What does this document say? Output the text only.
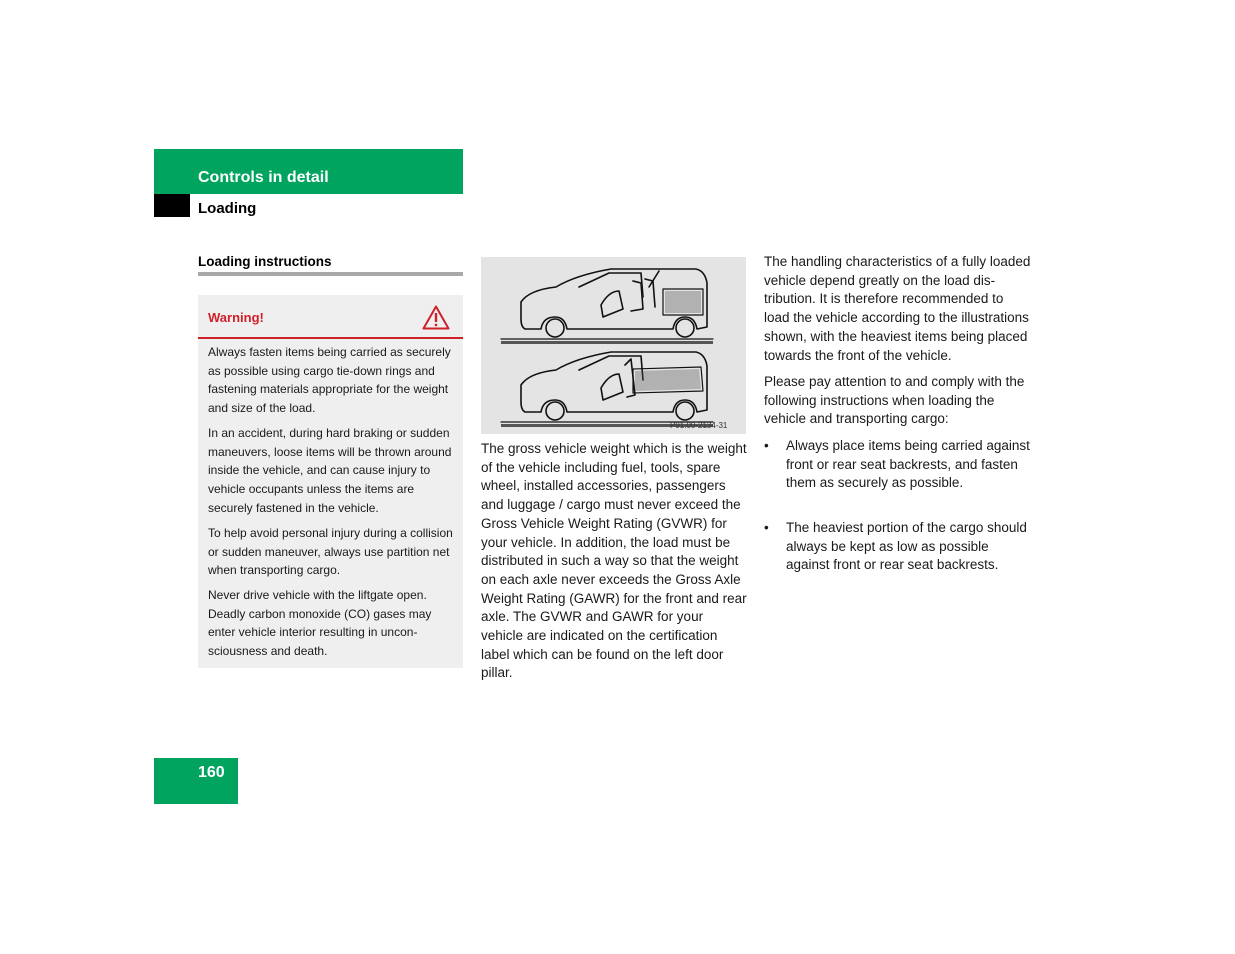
Controls in detail
Loading
Loading instructions
Warning!

Always fasten items being carried as securely as possible using cargo tie-down rings and fastening materials appropriate for the weight and size of the load.

In an accident, during hard braking or sudden maneuvers, loose items will be thrown around inside the vehicle, and can cause injury to vehicle occupants unless the items are securely fastened in the vehicle.

To help avoid personal injury during a collision or sudden maneuver, always use partition net when transporting cargo.

Never drive vehicle with the liftgate open. Deadly carbon monoxide (CO) gases may enter vehicle interior resulting in unconsciousness and death.

P91.00-2134-31

The gross vehicle weight which is the weight of the vehicle including fuel, tools, spare wheel, installed accessories, passengers and luggage / cargo must never exceed the Gross Vehicle Weight Rating (GVWR) for your vehicle. In addition, the load must be distributed in such a way so that the weight on each axle never exceeds the Gross Axle Weight Rating (GAWR) for the front and rear axle. The GVWR and GAWR for your vehicle are indicated on the certification label which can be found on the left door pillar.

The handling characteristics of a fully loaded vehicle depend greatly on the load distribution. It is therefore recommended to load the vehicle according to the illustrations shown, with the heaviest items being placed towards the front of the vehicle.

Please pay attention to and comply with the following instructions when loading the vehicle and transporting cargo:

• Always place items being carried against front or rear seat backrests, and fasten them as securely as possible.
• The heaviest portion of the cargo should always be kept as low as possible against front or rear seat backrests.
160
